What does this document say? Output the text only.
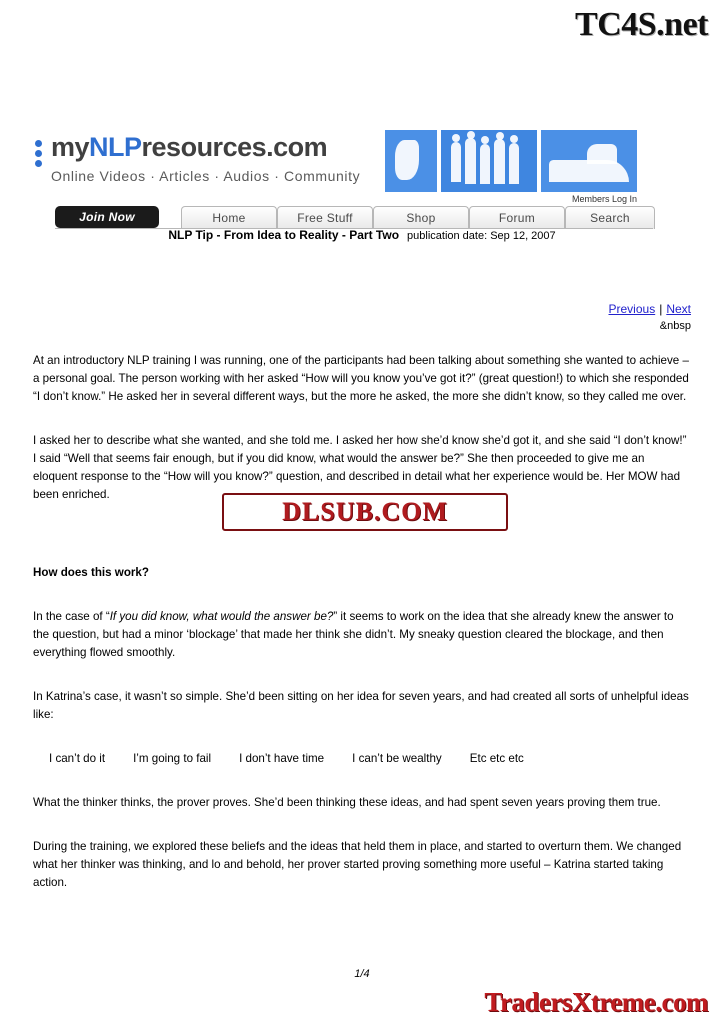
TC4S.net
myNLPresources.com
Online Videos · Articles · Audios · Community
Members Log In
Join Now	Home	Free Stuff	Shop	Forum	Search
NLP Tip - From Idea to Reality - Part Two publication date: Sep 12, 2007
Previous | Next
&nbsp

At an introductory NLP training I was running, one of the participants had been talking about something she wanted to achieve – a personal goal. The person working with her asked “How will you know you’ve got it?” (great question!) to which she responded “I don’t know.” He asked her in several different ways, but the more he asked, the more she didn’t know, so they called me over.

I asked her to describe what she wanted, and she told me. I asked her how she’d know she’d got it, and she said “I don’t know!” I said “Well that seems fair enough, but if you did know, what would the answer be?” She then proceeded to give me an eloquent response to the “How will you know?” question, and described in detail what her experience would be. Her MOW had been enriched.

How does this work?

In the case of “If you did know, what would the answer be?” it seems to work on the idea that she already knew the answer to the question, but had a minor ‘blockage’ that made her think she didn’t. My sneaky question cleared the blockage, and then everything flowed smoothly.

In Katrina’s case, it wasn’t so simple. She’d been sitting on her idea for seven years, and had created all sorts of unhelpful ideas like:

I can’t do it I’m going to fail I don’t have time I can’t be wealthy Etc etc etc

What the thinker thinks, the prover proves. She’d been thinking these ideas, and had spent seven years proving them true.

During the training, we explored these beliefs and the ideas that held them in place, and started to overturn them. We changed what her thinker was thinking, and lo and behold, her prover started proving something more useful – Katrina started taking action.

DLSUB.COM
1/4
TradersXtreme.com
